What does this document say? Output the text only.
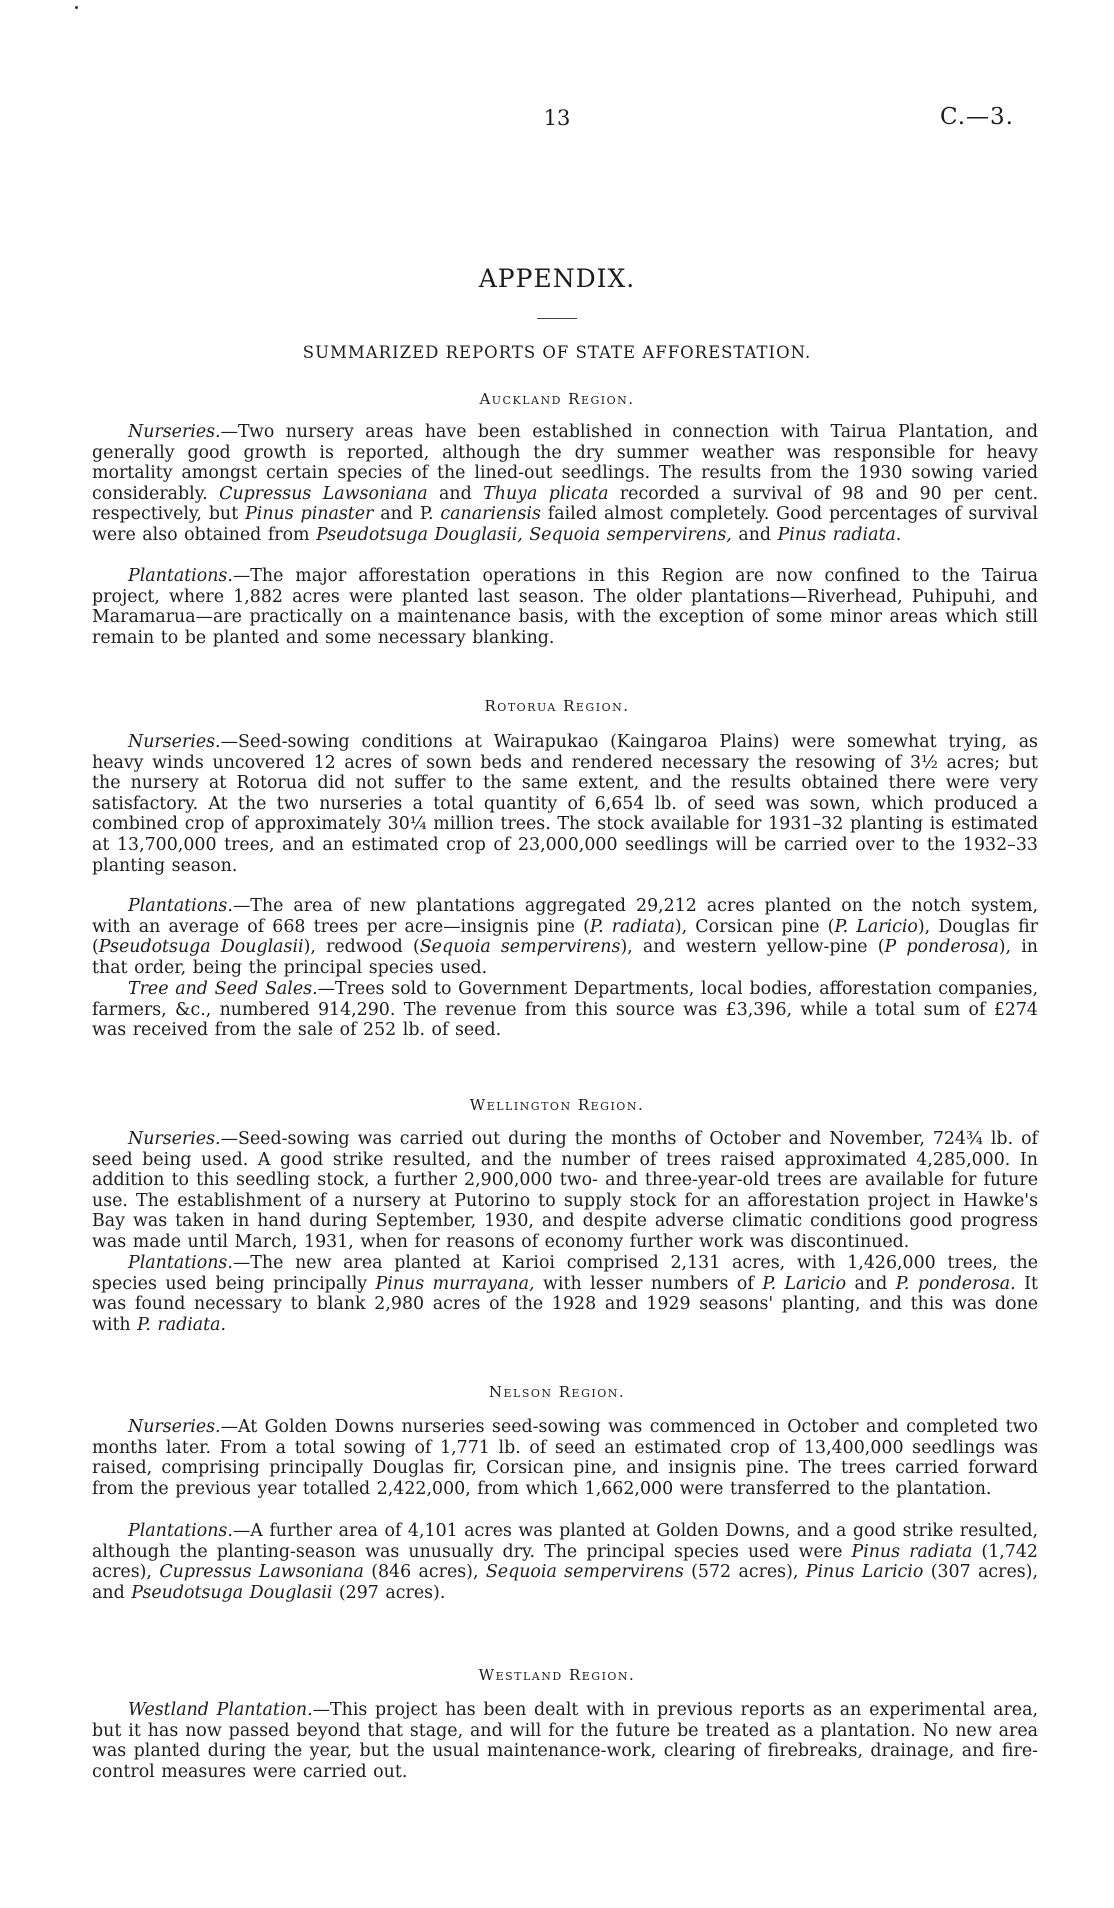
13	C.—3.
APPENDIX.
SUMMARIZED REPORTS OF STATE AFFORESTATION.
Auckland Region.

Nurseries.—Two nursery areas have been established in connection with Tairua Plantation, and generally good growth is reported, although the dry summer weather was responsible for heavy mortality amongst certain species of the lined-out seedlings. The results from the 1930 sowing varied considerably. Cupressus Lawsoniana and Thuya plicata recorded a survival of 98 and 90 per cent. respectively, but Pinus pinaster and P. canariensis failed almost completely. Good percentages of survival were also obtained from Pseudotsuga Douglasii, Sequoia sempervirens, and Pinus radiata.

Plantations.—The major afforestation operations in this Region are now confined to the Tairua project, where 1,882 acres were planted last season. The older plantations—Riverhead, Puhipuhi, and Maramarua—are practically on a maintenance basis, with the exception of some minor areas which still remain to be planted and some necessary blanking.

Rotorua Region.

Nurseries.—Seed-sowing conditions at Wairapukao (Kaingaroa Plains) were somewhat trying, as heavy winds uncovered 12 acres of sown beds and rendered necessary the resowing of 3½ acres; but the nursery at Rotorua did not suffer to the same extent, and the results obtained there were very satisfactory. At the two nurseries a total quantity of 6,654 lb. of seed was sown, which produced a combined crop of approximately 30¼ million trees. The stock available for 1931–32 planting is estimated at 13,700,000 trees, and an estimated crop of 23,000,000 seedlings will be carried over to the 1932–33 planting season.

Plantations.—The area of new plantations aggregated 29,212 acres planted on the notch system, with an average of 668 trees per acre—insignis pine (P. radiata), Corsican pine (P. Laricio), Douglas fir (Pseudotsuga Douglasii), redwood (Sequoia sempervirens), and western yellow-pine (P ponderosa), in that order, being the principal species used.

Tree and Seed Sales.—Trees sold to Government Departments, local bodies, afforestation companies, farmers, &c., numbered 914,290. The revenue from this source was £3,396, while a total sum of £274 was received from the sale of 252 lb. of seed.

Wellington Region.

Nurseries.—Seed-sowing was carried out during the months of October and November, 724¾ lb. of seed being used. A good strike resulted, and the number of trees raised approximated 4,285,000. In addition to this seedling stock, a further 2,900,000 two- and three-year-old trees are available for future use. The establishment of a nursery at Putorino to supply stock for an afforestation project in Hawke's Bay was taken in hand during September, 1930, and despite adverse climatic conditions good progress was made until March, 1931, when for reasons of economy further work was discontinued.

Plantations.—The new area planted at Karioi comprised 2,131 acres, with 1,426,000 trees, the species used being principally Pinus murrayana, with lesser numbers of P. Laricio and P. ponderosa. It was found necessary to blank 2,980 acres of the 1928 and 1929 seasons' planting, and this was done with P. radiata.

Nelson Region.

Nurseries.—At Golden Downs nurseries seed-sowing was commenced in October and completed two months later. From a total sowing of 1,771 lb. of seed an estimated crop of 13,400,000 seedlings was raised, comprising principally Douglas fir, Corsican pine, and insignis pine. The trees carried forward from the previous year totalled 2,422,000, from which 1,662,000 were transferred to the plantation.

Plantations.—A further area of 4,101 acres was planted at Golden Downs, and a good strike resulted, although the planting-season was unusually dry. The principal species used were Pinus radiata (1,742 acres), Cupressus Lawsoniana (846 acres), Sequoia sempervirens (572 acres), Pinus Laricio (307 acres), and Pseudotsuga Douglasii (297 acres).

Westland Region.

Westland Plantation.—This project has been dealt with in previous reports as an experimental area, but it has now passed beyond that stage, and will for the future be treated as a plantation. No new area was planted during the year, but the usual maintenance-work, clearing of firebreaks, drainage, and fire-control measures were carried out.
